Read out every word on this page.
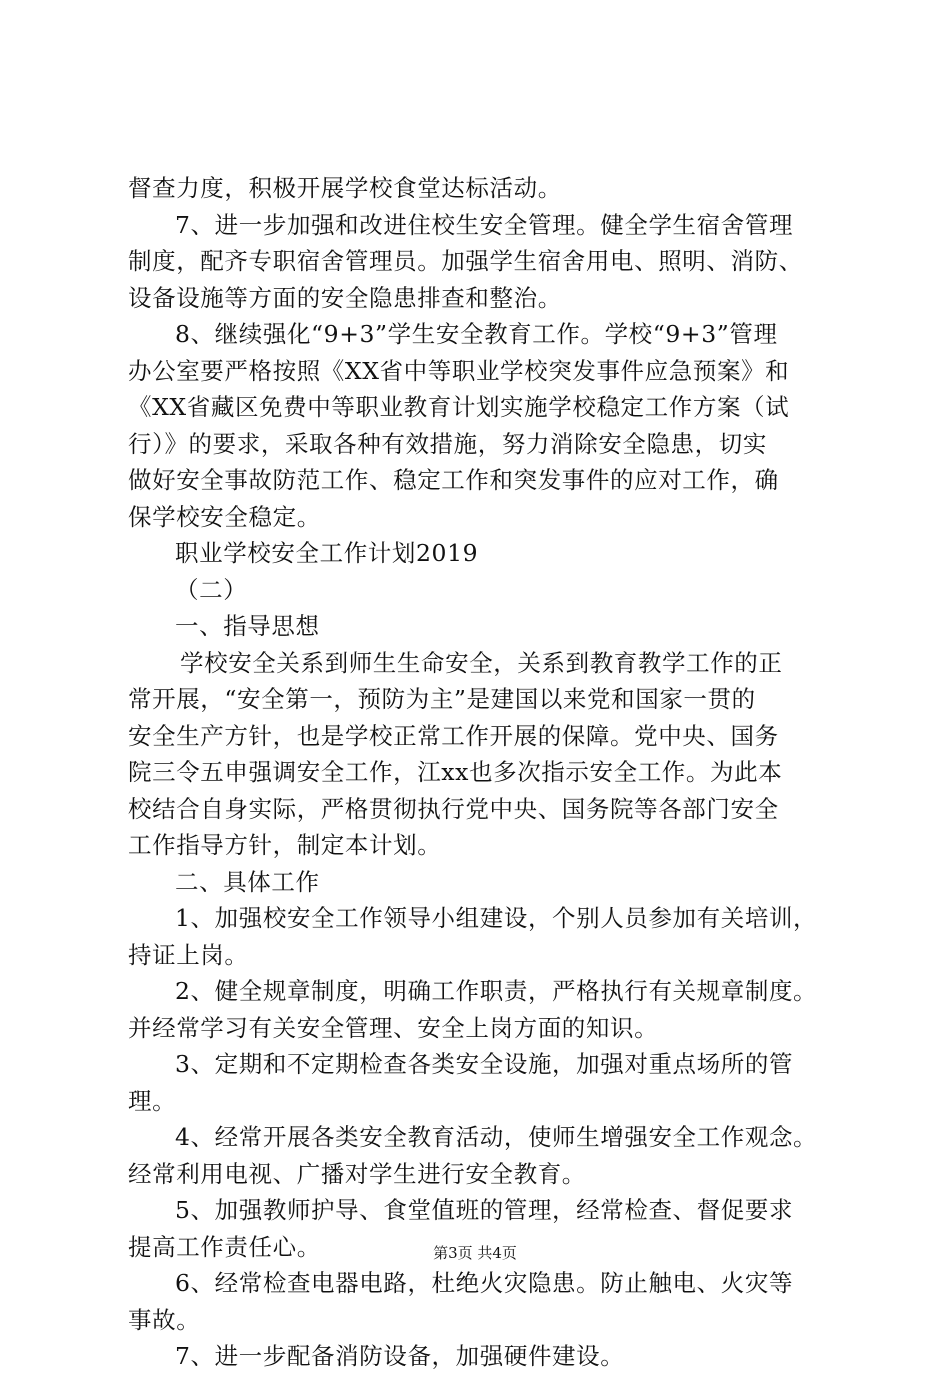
督查力度，积极开展学校食堂达标活动。
7、进一步加强和改进住校生安全管理。健全学生宿舍管理
制度，配齐专职宿舍管理员。加强学生宿舍用电、照明、消防、
设备设施等方面的安全隐患排查和整治。
8、继续强化“9+3”学生安全教育工作。学校“9+3”管理
办公室要严格按照《XX省中等职业学校突发事件应急预案》和
《XX省藏区免费中等职业教育计划实施学校稳定工作方案（试
行）》的要求，采取各种有效措施，努力消除安全隐患，切实
做好安全事故防范工作、稳定工作和突发事件的应对工作，确
保学校安全稳定。
职业学校安全工作计划2019
（二）
一、指导思想
学校安全关系到师生生命安全，关系到教育教学工作的正
常开展，“安全第一，预防为主”是建国以来党和国家一贯的
安全生产方针，也是学校正常工作开展的保障。党中央、国务
院三令五申强调安全工作，江xx也多次指示安全工作。为此本
校结合自身实际，严格贯彻执行党中央、国务院等各部门安全
工作指导方针，制定本计划。
二、具体工作
1、加强校安全工作领导小组建设，个别人员参加有关培训，
持证上岗。
2、健全规章制度，明确工作职责，严格执行有关规章制度。
并经常学习有关安全管理、安全上岗方面的知识。
3、定期和不定期检查各类安全设施，加强对重点场所的管
理。
4、经常开展各类安全教育活动，使师生增强安全工作观念。
经常利用电视、广播对学生进行安全教育。
5、加强教师护导、食堂值班的管理，经常检查、督促要求
提高工作责任心。
6、经常检查电器电路，杜绝火灾隐患。防止触电、火灾等
事故。
7、进一步配备消防设备，加强硬件建设。
第3页 共4页
